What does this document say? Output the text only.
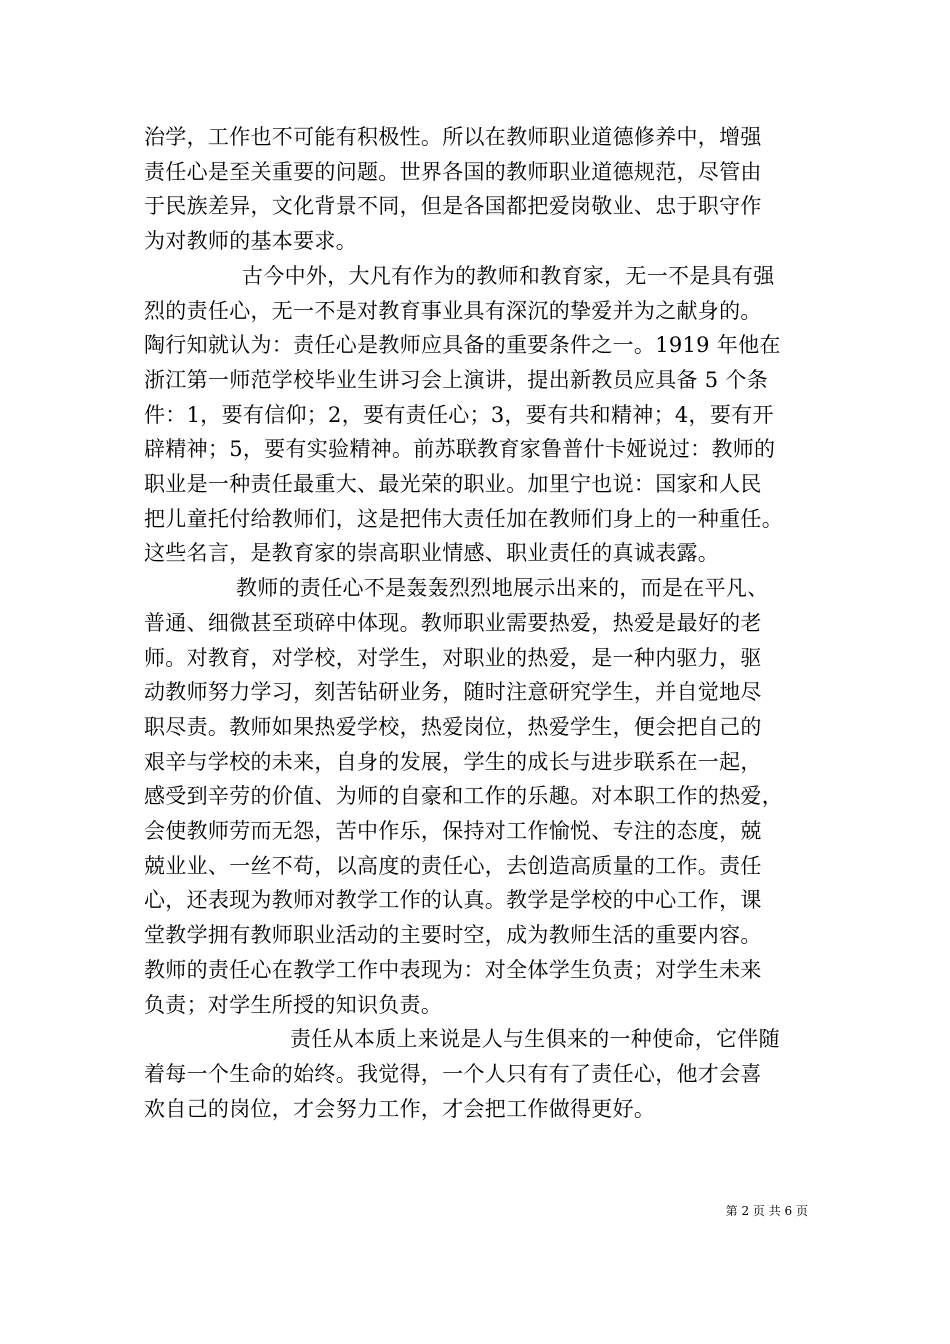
治学，工作也不可能有积极性。所以在教师职业道德修养中，增强
责任心是至关重要的问题。世界各国的教师职业道德规范，尽管由
于民族差异，文化背景不同，但是各国都把爱岗敬业、忠于职守作
为对教师的基本要求。
古今中外，大凡有作为的教师和教育家，无一不是具有强
烈的责任心，无一不是对教育事业具有深沉的挚爱并为之献身的。
陶行知就认为：责任心是教师应具备的重要条件之一。1919 年他在
浙江第一师范学校毕业生讲习会上演讲，提出新教员应具备 5 个条
件：1，要有信仰；2，要有责任心；3，要有共和精神；4，要有开
辟精神；5，要有实验精神。前苏联教育家鲁普什卡娅说过：教师的
职业是一种责任最重大、最光荣的职业。加里宁也说：国家和人民
把儿童托付给教师们，这是把伟大责任加在教师们身上的一种重任。
这些名言，是教育家的崇高职业情感、职业责任的真诚表露。
教师的责任心不是轰轰烈烈地展示出来的，而是在平凡、
普通、细微甚至琐碎中体现。教师职业需要热爱，热爱是最好的老
师。对教育，对学校，对学生，对职业的热爱，是一种内驱力，驱
动教师努力学习，刻苦钻研业务，随时注意研究学生，并自觉地尽
职尽责。教师如果热爱学校，热爱岗位，热爱学生，便会把自己的
艰辛与学校的未来，自身的发展，学生的成长与进步联系在一起，
感受到辛劳的价值、为师的自豪和工作的乐趣。对本职工作的热爱，
会使教师劳而无怨，苦中作乐，保持对工作愉悦、专注的态度，兢
兢业业、一丝不苟，以高度的责任心，去创造高质量的工作。责任
心，还表现为教师对教学工作的认真。教学是学校的中心工作，课
堂教学拥有教师职业活动的主要时空，成为教师生活的重要内容。
教师的责任心在教学工作中表现为：对全体学生负责；对学生未来
负责；对学生所授的知识负责。
责任从本质上来说是人与生俱来的一种使命，它伴随
着每一个生命的始终。我觉得，一个人只有有了责任心，他才会喜
欢自己的岗位，才会努力工作，才会把工作做得更好。
第 2 页 共 6 页
